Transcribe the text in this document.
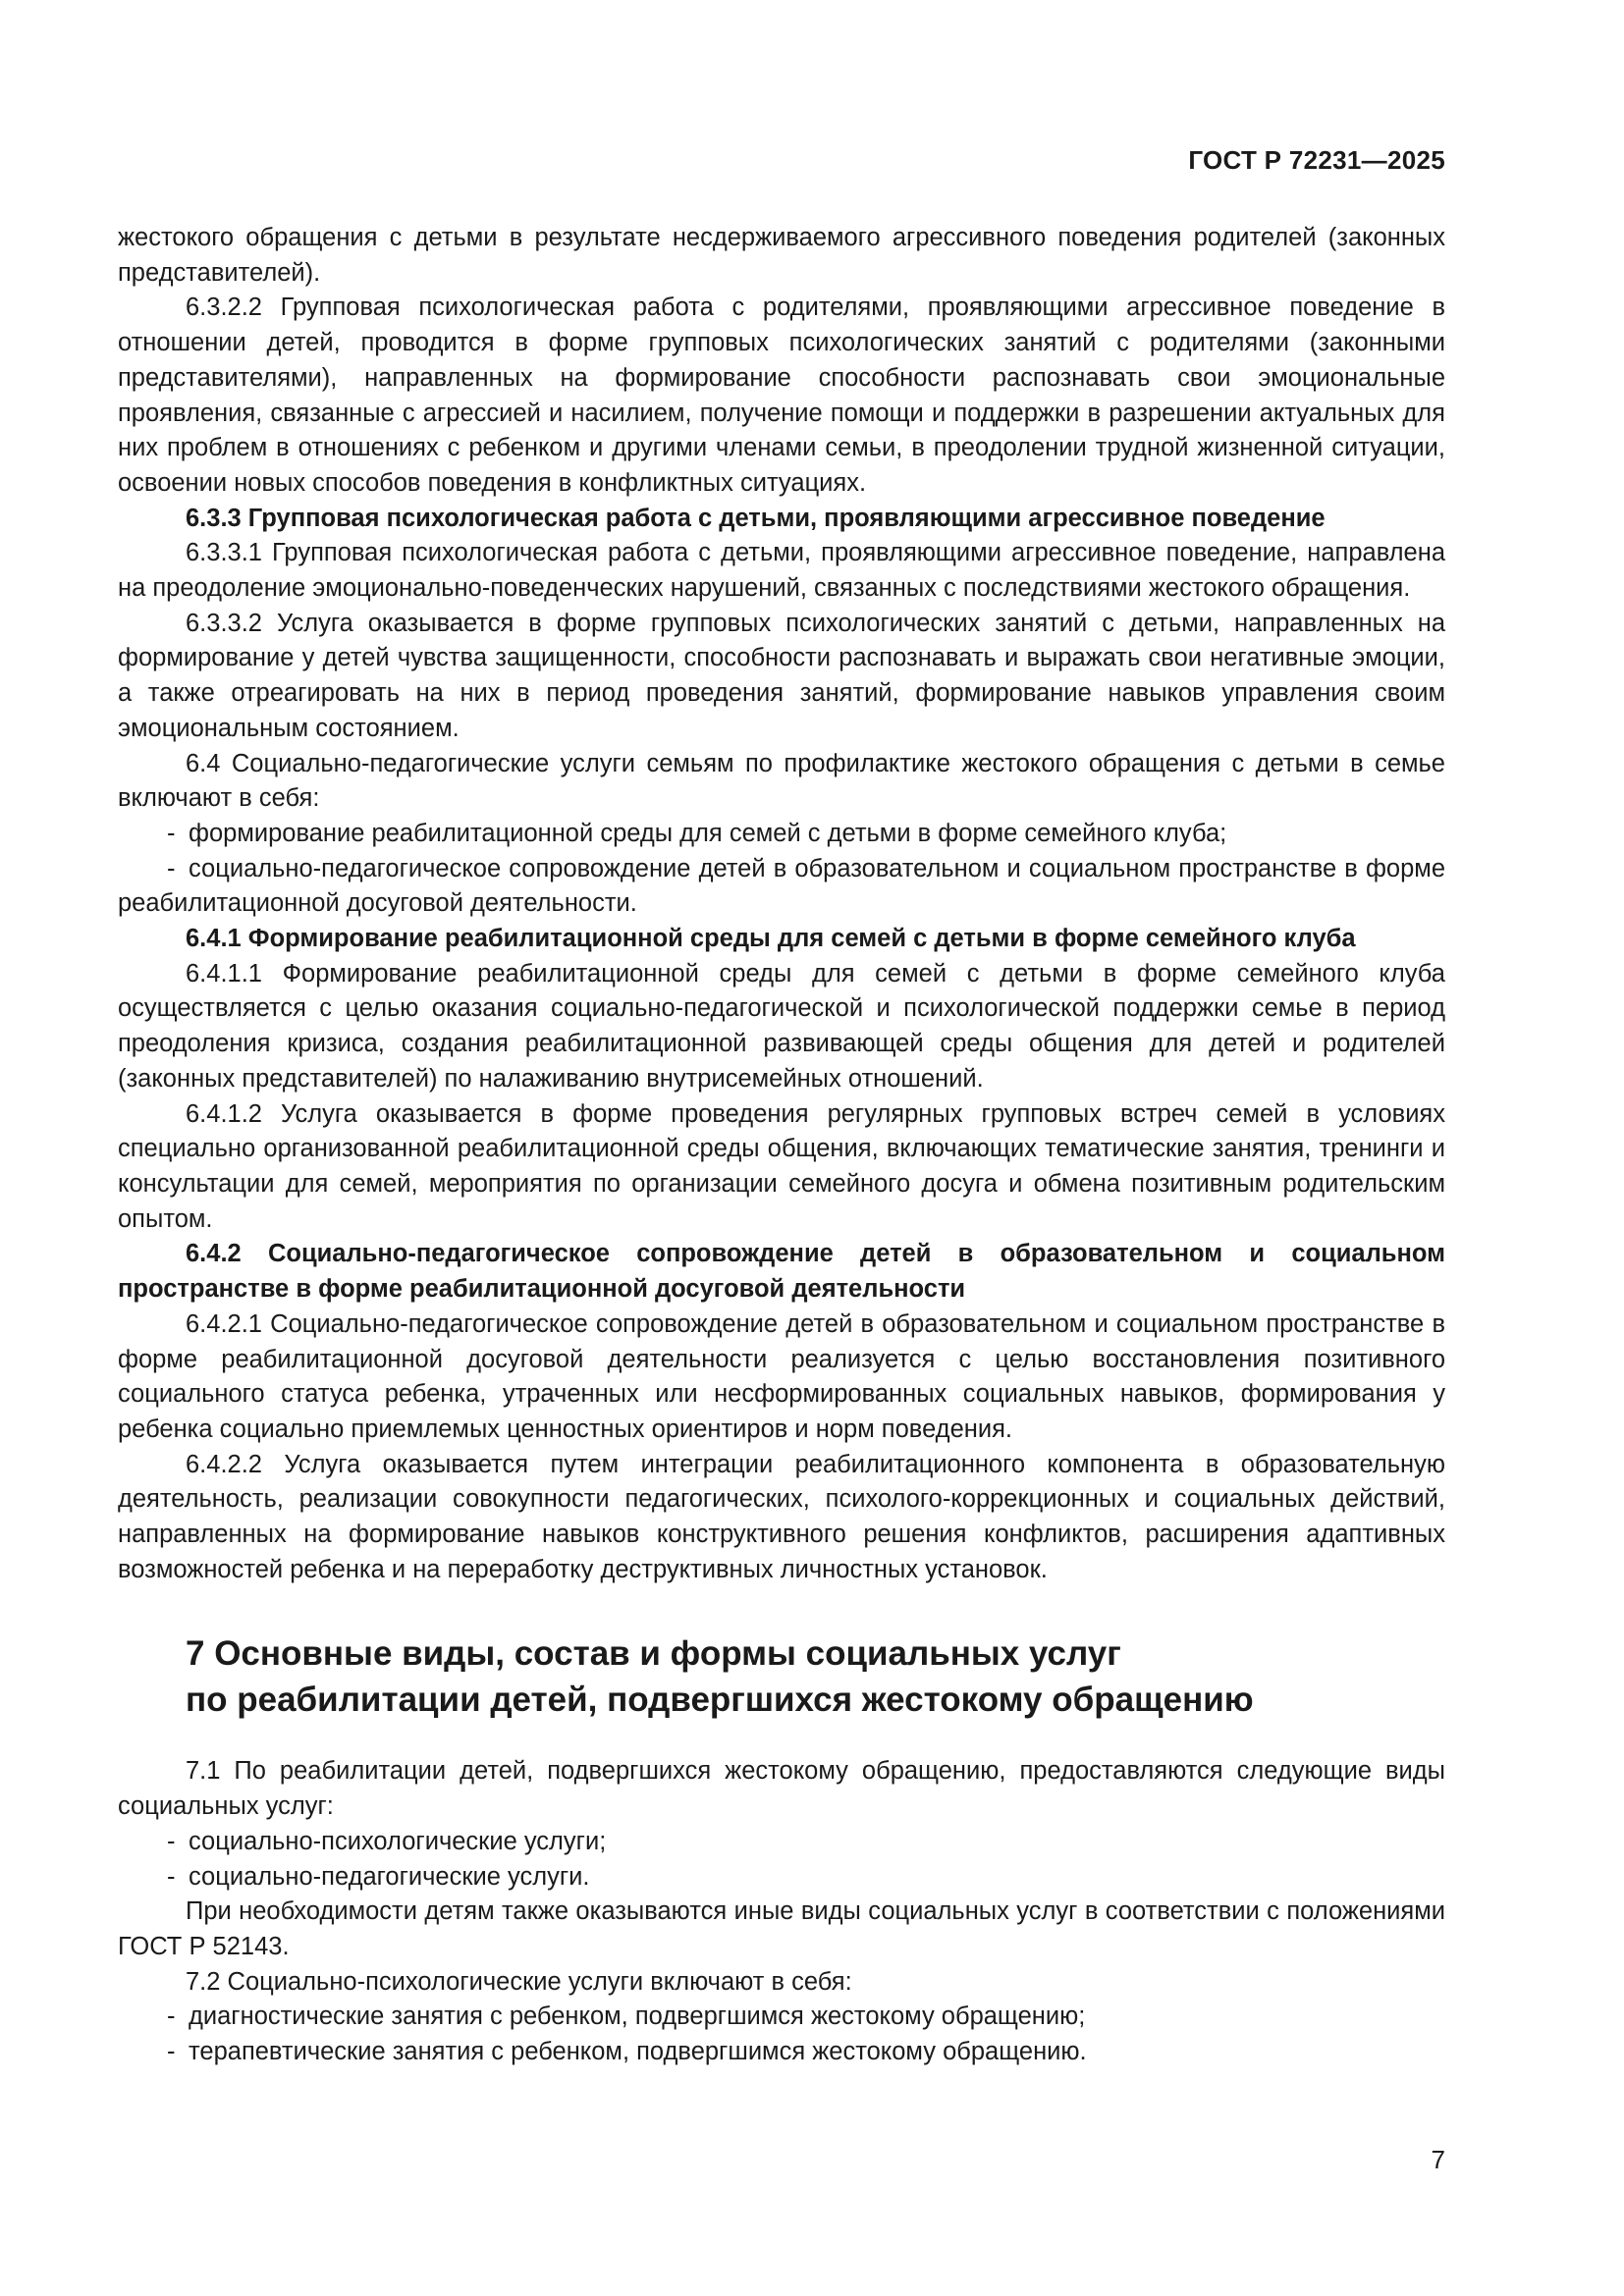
ГОСТ Р 72231—2025

жестокого обращения с детьми в результате несдерживаемого агрессивного поведения родителей (законных представителей).

6.3.2.2 Групповая психологическая работа с родителями, проявляющими агрессивное поведение в отношении детей, проводится в форме групповых психологических занятий с родителями (законными представителями), направленных на формирование способности распознавать свои эмоциональные проявления, связанные с агрессией и насилием, получение помощи и поддержки в разрешении актуальных для них проблем в отношениях с ребенком и другими членами семьи, в преодолении трудной жизненной ситуации, освоении новых способов поведения в конфликтных ситуациях.

6.3.3 Групповая психологическая работа с детьми, проявляющими агрессивное поведение

6.3.3.1 Групповая психологическая работа с детьми, проявляющими агрессивное поведение, направлена на преодоление эмоционально-поведенческих нарушений, связанных с последствиями жестокого обращения.

6.3.3.2 Услуга оказывается в форме групповых психологических занятий с детьми, направленных на формирование у детей чувства защищенности, способности распознавать и выражать свои негативные эмоции, а также отреагировать на них в период проведения занятий, формирование навыков управления своим эмоциональным состоянием.

6.4 Социально-педагогические услуги семьям по профилактике жестокого обращения с детьми в семье включают в себя:

- формирование реабилитационной среды для семей с детьми в форме семейного клуба;

- социально-педагогическое сопровождение детей в образовательном и социальном пространстве в форме реабилитационной досуговой деятельности.

6.4.1 Формирование реабилитационной среды для семей с детьми в форме семейного клуба

6.4.1.1 Формирование реабилитационной среды для семей с детьми в форме семейного клуба осуществляется с целью оказания социально-педагогической и психологической поддержки семье в период преодоления кризиса, создания реабилитационной развивающей среды общения для детей и родителей (законных представителей) по налаживанию внутрисемейных отношений.

6.4.1.2 Услуга оказывается в форме проведения регулярных групповых встреч семей в условиях специально организованной реабилитационной среды общения, включающих тематические занятия, тренинги и консультации для семей, мероприятия по организации семейного досуга и обмена позитивным родительским опытом.

6.4.2 Социально-педагогическое сопровождение детей в образовательном и социальном пространстве в форме реабилитационной досуговой деятельности

6.4.2.1 Социально-педагогическое сопровождение детей в образовательном и социальном пространстве в форме реабилитационной досуговой деятельности реализуется с целью восстановления позитивного социального статуса ребенка, утраченных или несформированных социальных навыков, формирования у ребенка социально приемлемых ценностных ориентиров и норм поведения.

6.4.2.2 Услуга оказывается путем интеграции реабилитационного компонента в образовательную деятельность, реализации совокупности педагогических, психолого-коррекционных и социальных действий, направленных на формирование навыков конструктивного решения конфликтов, расширения адаптивных возможностей ребенка и на переработку деструктивных личностных установок.

7 Основные виды, состав и формы социальных услуг
по реабилитации детей, подвергшихся жестокому обращению

7.1 По реабилитации детей, подвергшихся жестокому обращению, предоставляются следующие виды социальных услуг:

- социально-психологические услуги;

- социально-педагогические услуги.

При необходимости детям также оказываются иные виды социальных услуг в соответствии с положениями ГОСТ Р 52143.

7.2 Социально-психологические услуги включают в себя:

- диагностические занятия с ребенком, подвергшимся жестокому обращению;

- терапевтические занятия с ребенком, подвергшимся жестокому обращению.

7
